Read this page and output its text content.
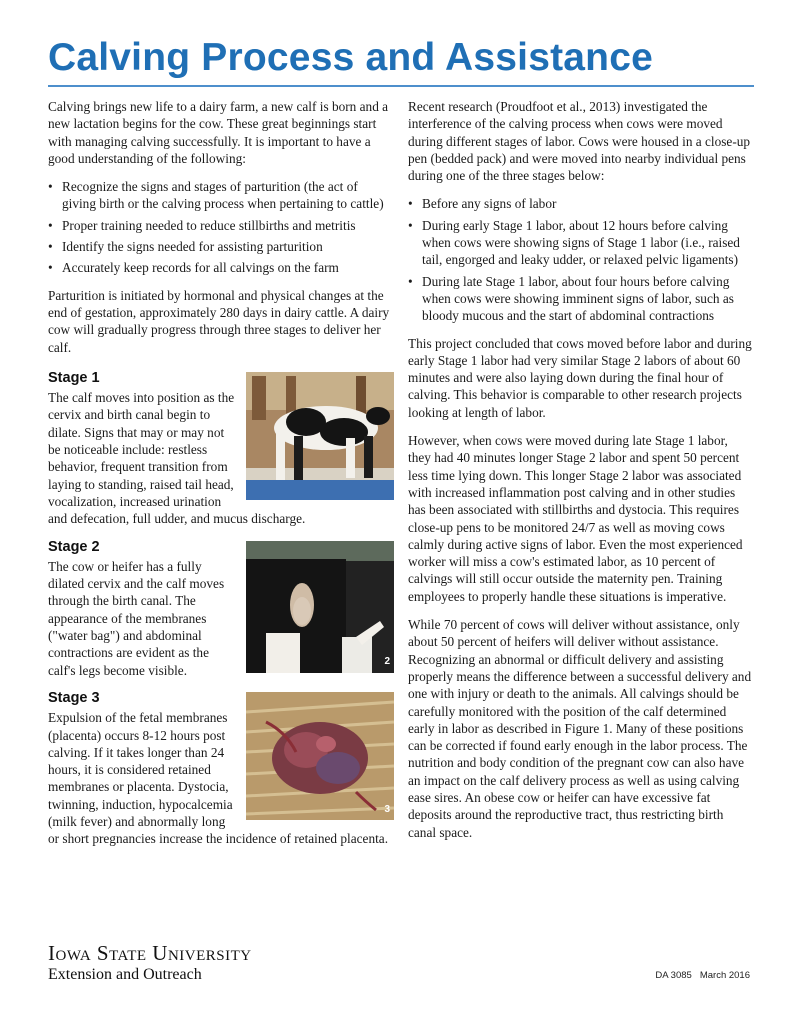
Calving Process and Assistance

Calving brings new life to a dairy farm, a new calf is born and a new lactation begins for the cow. These great beginnings start with managing calving successfully. It is important to have a good understanding of the following:

• Recognize the signs and stages of parturition (the act of giving birth or the calving process when pertaining to cattle)
• Proper training needed to reduce stillbirths and metritis
• Identify the signs needed for assisting parturition
• Accurately keep records for all calvings on the farm

Parturition is initiated by hormonal and physical changes at the end of gestation, approximately 280 days in dairy cattle. A dairy cow will gradually progress through three stages to deliver her calf.

Stage 1

The calf moves into position as the cervix and birth canal begin to dilate. Signs that may or may not be noticeable include: restless behavior, frequent transition from laying to standing, raised tail head, vocalization, increased urination and defecation, full udder, and mucus discharge.

2
Stage 2

The cow or heifer has a fully dilated cervix and the calf moves through the birth canal. The appearance of the membranes ("water bag") and abdominal contractions are evident as the calf's legs become visible.

3
Stage 3

Expulsion of the fetal membranes (placenta) occurs 8-12 hours post calving. If it takes longer than 24 hours, it is considered retained membranes or placenta. Dystocia, twinning, induction, hypocalcemia (milk fever) and abnormally long or short pregnancies increase the incidence of retained placenta.

Recent research (Proudfoot et al., 2013) investigated the interference of the calving process when cows were moved during different stages of labor. Cows were housed in a close-up pen (bedded pack) and were moved into nearby individual pens during one of the three stages below:

• Before any signs of labor
• During early Stage 1 labor, about 12 hours before calving when cows were showing signs of Stage 1 labor (i.e., raised tail, engorged and leaky udder, or relaxed pelvic ligaments)
• During late Stage 1 labor, about four hours before calving when cows were showing imminent signs of labor, such as bloody mucous and the start of abdominal contractions

This project concluded that cows moved before labor and during early Stage 1 labor had very similar Stage 2 labors of about 60 minutes and were also laying down during the final hour of calving. This behavior is comparable to other research projects looking at length of labor.

However, when cows were moved during late Stage 1 labor, they had 40 minutes longer Stage 2 labor and spent 50 percent less time lying down. This longer Stage 2 labor was associated with increased inflammation post calving and in other studies has been associated with stillbirths and dystocia. This requires close-up pens to be monitored 24/7 as well as moving cows calmly during active signs of labor. Even the most experienced worker will miss a cow's estimated labor, as 10 percent of calvings will still occur outside the maternity pen. Training employees to properly handle these situations is imperative.

While 70 percent of cows will deliver without assistance, only about 50 percent of heifers will deliver without assistance. Recognizing an abnormal or difficult delivery and assisting properly means the difference between a successful delivery and one with injury or death to the animals. All calvings should be carefully monitored with the position of the calf determined early in labor as described in Figure 1. Many of these positions can be corrected if found early enough in the labor process. The nutrition and body condition of the pregnant cow can also have an impact on the calf delivery process as well as using calving ease sires. An obese cow or heifer can have excessive fat deposits around the reproductive tract, thus restricting birth canal space.

Iowa State University
Extension and Outreach	DA 3085 March 2016
